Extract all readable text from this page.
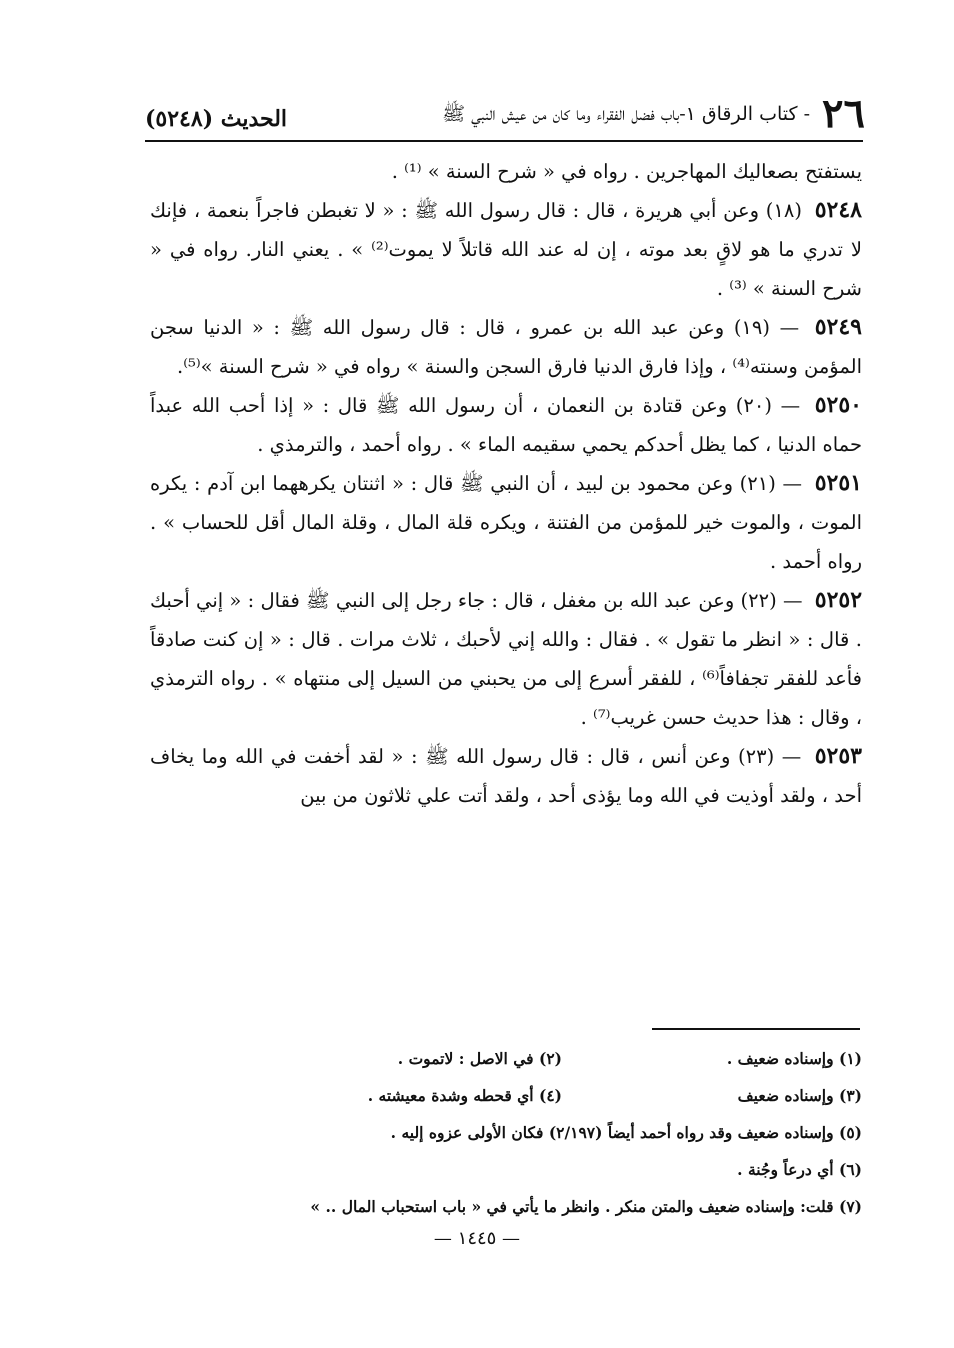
٢٦
- كتاب الرقاق ١-باب فضل الفقراء وما كان من عيش النبي ﷺ
الحديث (٥٢٤٨)

يستفتح بصعاليك المهاجرين . رواه في « شرح السنة » ⁽¹⁾ .

٥٢٤٨ (١٨) وعن أبي هريرة ، قال : قال رسول الله ﷺ : « لا تغبطن فاجراً بنعمة ، فإنك لا تدري ما هو لاقٍ بعد موته ، إن له عند الله قاتلاً لا يموت⁽²⁾ » . يعني النار. رواه في « شرح السنة » ⁽³⁾ .

٥٢٤٩ — (١٩) وعن عبد الله بن عمرو ، قال : قال رسول الله ﷺ : « الدنيا سجن المؤمن وسنته⁽⁴⁾ ، وإذا فارق الدنيا فارق السجن والسنة » رواه في « شرح السنة »⁽⁵⁾.

٥٢٥٠ — (٢٠) وعن قتادة بن النعمان ، أن رسول الله ﷺ قال : « إذا أحب الله عبداً حماه الدنيا ، كما يظل أحدكم يحمي سقيمه الماء » . رواه أحمد ، والترمذي .

٥٢٥١ — (٢١) وعن محمود بن لبيد ، أن النبي ﷺ قال : « اثنتان يكرههما ابن آدم : يكره الموت ، والموت خير للمؤمن من الفتنة ، ويكره قلة المال ، وقلة المال أقل للحساب » . رواه أحمد .

٥٢٥٢ — (٢٢) وعن عبد الله بن مغفل ، قال : جاء رجل إلى النبي ﷺ فقال : « إني أحبك . قال : « انظر ما تقول » . فقال : والله إني لأحبك ، ثلاث مرات . قال : « إن كنت صادقاً فأعد للفقر تجفافاً⁽⁶⁾ ، للفقر أسرع إلى من يحبني من السيل إلى منتهاه » . رواه الترمذي ، وقال : هذا حديث حسن غريب⁽⁷⁾ .

٥٢٥٣ — (٢٣) وعن أنس ، قال : قال رسول الله ﷺ : « لقد أخفت في الله وما يخاف أحد ، ولقد أوذيت في الله وما يؤذى أحد ، ولقد أتت علي ثلاثون من بين

(١) وإسناده ضعيف .
(٢) في الاصل : لاتموت .
(٣) وإسناده ضعيف
(٤) أي قحطه وشدة معيشته .
(٥) وإسناده ضعيف وقد رواه أحمد أيضاً (٢/١٩٧) فكان الأولى عزوه إليه .
(٦) أي درعاً وجُنة .
(٧) قلت: وإسناده ضعيف والمتن منكر . وانظر ما يأتي في « باب استحباب المال .. »
— ١٤٤٥ —
